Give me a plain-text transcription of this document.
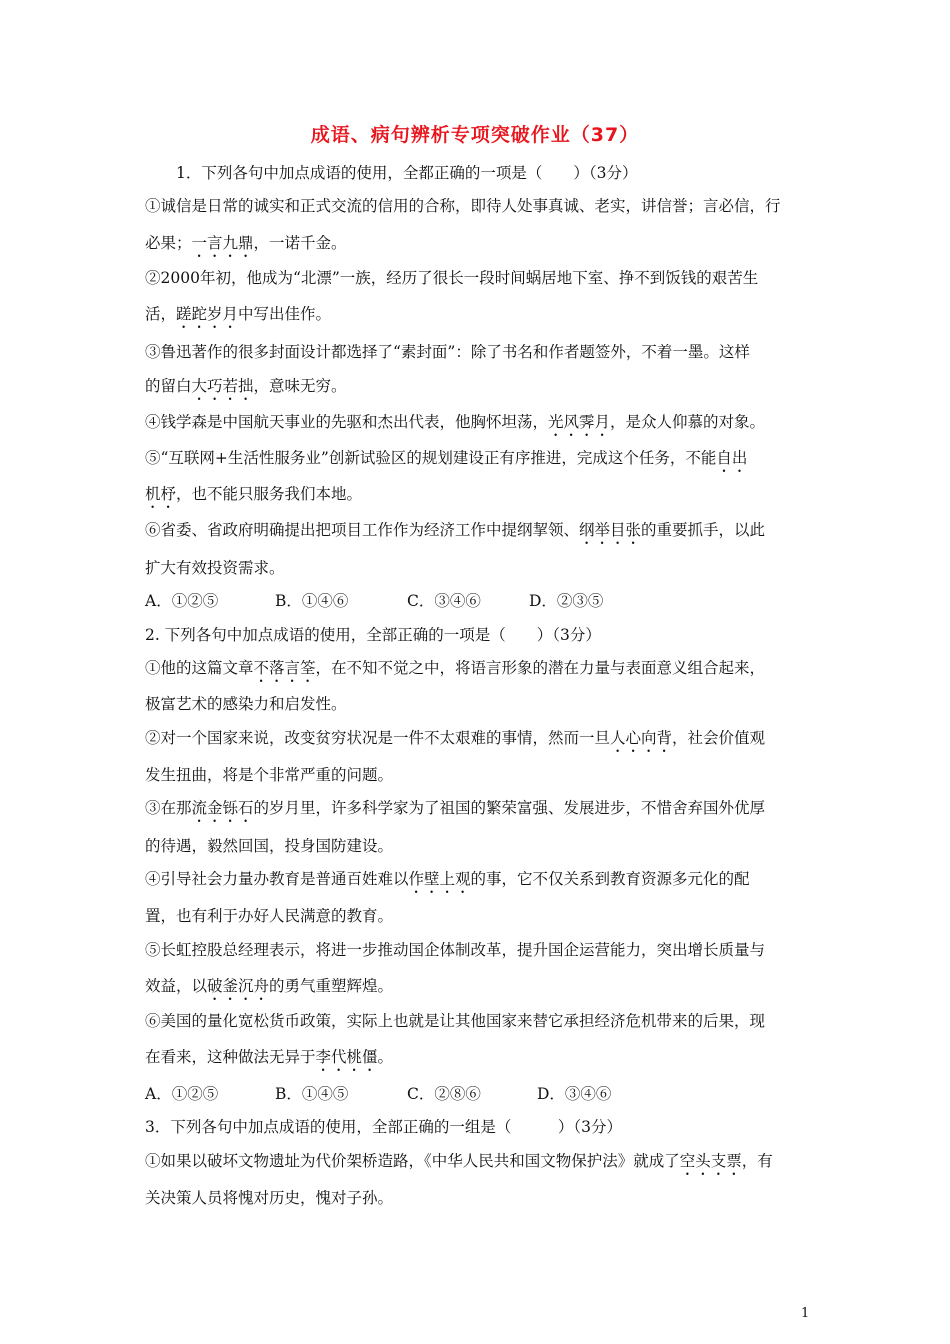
成语、病句辨析专项突破作业（37）
1．下列各句中加点成语的使用，全都正确的一项是（　　）（3分）
①诚信是日常的诚实和正式交流的信用的合称，即待人处事真诚、老实，讲信誉；言必信，行
必果；一言九鼎，一诺千金。
②2000年初，他成为“北漂”一族，经历了很长一段时间蜗居地下室、挣不到饭钱的艰苦生
活，蹉跎岁月中写出佳作。
③鲁迅著作的很多封面设计都选择了“素封面”：除了书名和作者题签外，不着一墨。这样
的留白大巧若拙，意味无穷。
④钱学森是中国航天事业的先驱和杰出代表，他胸怀坦荡，光风霁月，是众人仰慕的对象。
⑤“互联网+生活性服务业”创新试验区的规划建设正有序推进，完成这个任务，不能自出
机杼，也不能只服务我们本地。
⑥省委、省政府明确提出把项目工作作为经济工作中提纲挈领、纲举目张的重要抓手，以此
扩大有效投资需求。
A．①②⑤	B．①④⑥	C．③④⑥	D．②③⑤
2. 下列各句中加点成语的使用，全部正确的一项是（　　）（3分）
①他的这篇文章不落言筌，在不知不觉之中，将语言形象的潜在力量与表面意义组合起来，
极富艺术的感染力和启发性。
②对一个国家来说，改变贫穷状况是一件不太艰难的事情，然而一旦人心向背，社会价值观
发生扭曲，将是个非常严重的问题。
③在那流金铄石的岁月里，许多科学家为了祖国的繁荣富强、发展进步，不惜舍弃国外优厚
的待遇，毅然回国，投身国防建设。
④引导社会力量办教育是普通百姓难以作壁上观的事，它不仅关系到教育资源多元化的配
置，也有利于办好人民满意的教育。
⑤长虹控股总经理表示，将进一步推动国企体制改革，提升国企运营能力，突出增长质量与
效益，以破釜沉舟的勇气重塑辉煌。
⑥美国的量化宽松货币政策，实际上也就是让其他国家来替它承担经济危机带来的后果，现
在看来，这种做法无异于李代桃僵。
A．①②⑤	B．①④⑤	C．②⑧⑥	D．③④⑥
3．下列各句中加点成语的使用，全部正确的一组是（　　　）（3分）
①如果以破坏文物遗址为代价架桥造路，《中华人民共和国文物保护法》就成了空头支票，有
关决策人员将愧对历史，愧对子孙。
1
